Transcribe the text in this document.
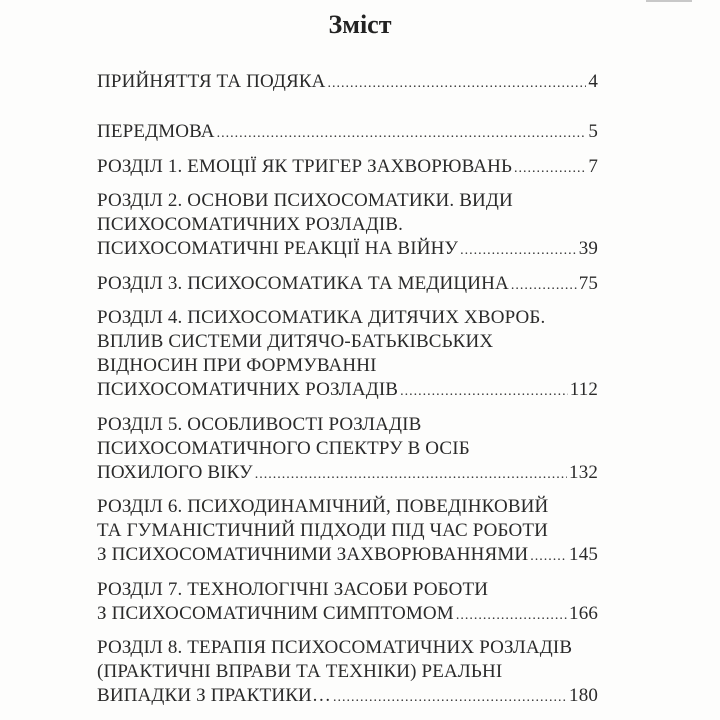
Зміст
ПРИЙНЯТТЯ ТА ПОДЯКА .....	4
ПЕРЕДМОВА .....	5
РОЗДІЛ 1. ЕМОЦІЇ ЯК ТРИГЕР ЗАХВОРЮВАНЬ .....	7
РОЗДІЛ 2. ОСНОВИ ПСИХОСОМАТИКИ. ВИДИ
ПСИХОСОМАТИЧНИХ РОЗЛАДІВ.
ПСИХОСОМАТИЧНІ РЕАКЦІЇ НА ВІЙНУ .....	39
РОЗДІЛ 3. ПСИХОСОМАТИКА ТА МЕДИЦИНА .....	75
РОЗДІЛ 4. ПСИХОСОМАТИКА ДИТЯЧИХ ХВОРОБ.
ВПЛИВ СИСТЕМИ ДИТЯЧО-БАТЬКІВСЬКИХ
ВІДНОСИН ПРИ ФОРМУВАННІ
ПСИХОСОМАТИЧНИХ РОЗЛАДІВ .....	112
РОЗДІЛ 5. ОСОБЛИВОСТІ РОЗЛАДІВ
ПСИХОСОМАТИЧНОГО СПЕКТРУ В ОСІБ
ПОХИЛОГО ВІКУ .....	132
РОЗДІЛ 6. ПСИХОДИНАМІЧНИЙ, ПОВЕДІНКОВИЙ
ТА ГУМАНІСТИЧНИЙ ПІДХОДИ ПІД ЧАС РОБОТИ
З ПСИХОСОМАТИЧНИМИ ЗАХВОРЮВАННЯМИ ..... 145
РОЗДІЛ 7. ТЕХНОЛОГІЧНІ ЗАСОБИ РОБОТИ
З ПСИХОСОМАТИЧНИМ СИМПТОМОМ .....	166
РОЗДІЛ 8. ТЕРАПІЯ ПСИХОСОМАТИЧНИХ РОЗЛАДІВ
(ПРАКТИЧНІ ВПРАВИ ТА ТЕХНІКИ) РЕАЛЬНІ
ВИПАДКИ З ПРАКТИКИ… .....	180
